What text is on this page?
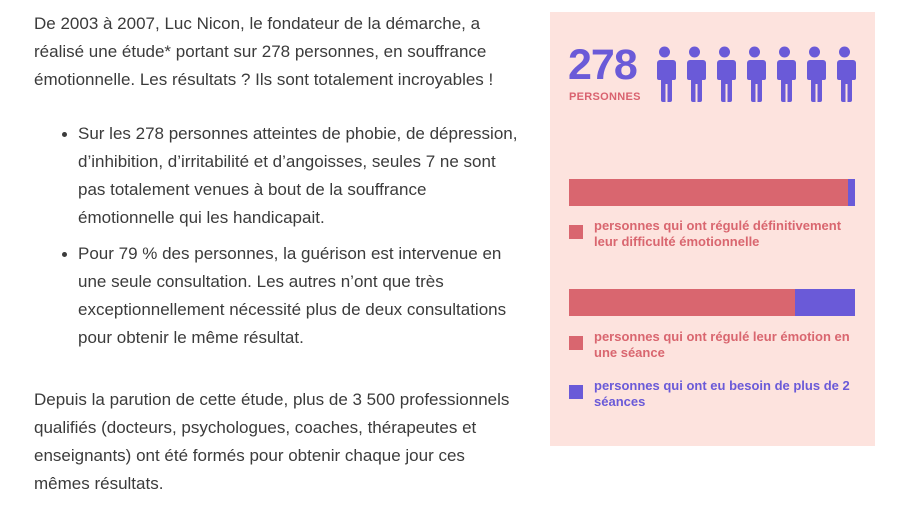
De 2003 à 2007, Luc Nicon, le fondateur de la démarche, a réalisé une étude* portant sur 278 personnes, en souffrance émotionnelle. Les résultats ? Ils sont totalement incroyables !

Sur les 278 personnes atteintes de phobie, de dépression, d’inhibition, d’irritabilité et d’angoisses, seules 7 ne sont pas totalement venues à bout de la souffrance émotionnelle qui les handicapait.
Pour 79 % des personnes, la guérison est intervenue en une seule consultation. Les autres n’ont que très exceptionnellement nécessité plus de deux consultations pour obtenir le même résultat.

Depuis la parution de cette étude, plus de 3 500 professionnels qualifiés (docteurs, psychologues, coaches, thérapeutes et enseignants) ont été formés pour obtenir chaque jour ces mêmes résultats.

278
PERSONNES
personnes qui ont régulé définitivement leur difficulté émotionnelle
personnes qui ont régulé leur émotion en une séance
personnes qui ont eu besoin de plus de 2 séances
